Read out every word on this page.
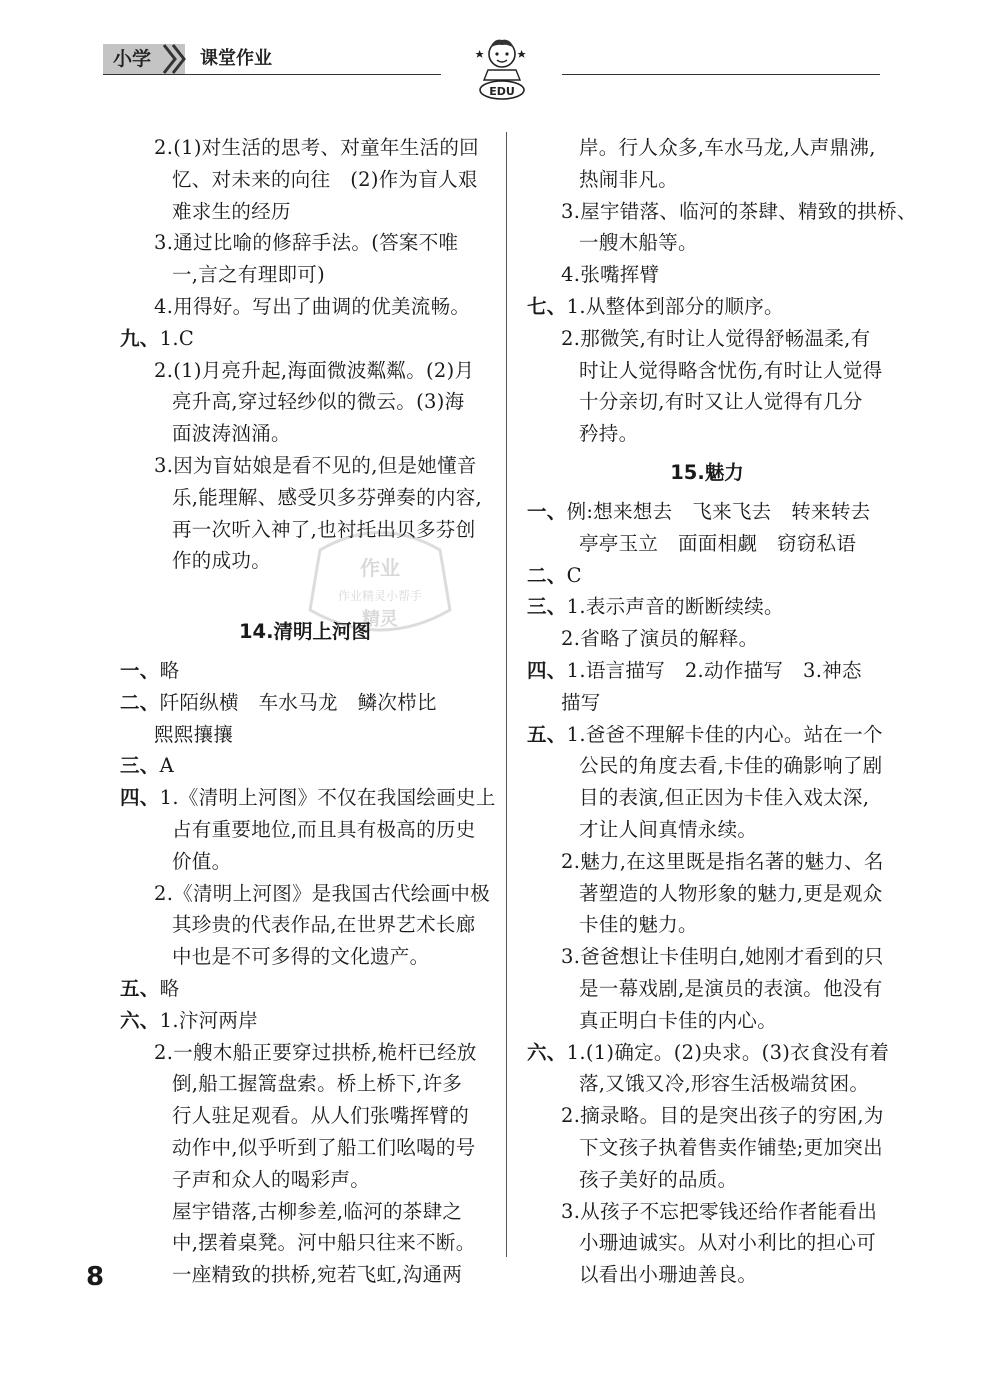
小学	课堂作业
EDU
作业
作业精灵小帮手
精灵
2.(1)对生活的思考、对童年生活的回
忆、对未来的向往　(2)作为盲人艰
难求生的经历
3.通过比喻的修辞手法。(答案不唯
一,言之有理即可)
4.用得好。写出了曲调的优美流畅。
九、1.C
2.(1)月亮升起,海面微波粼粼。(2)月
亮升高,穿过轻纱似的微云。(3)海
面波涛汹涌。
3.因为盲姑娘是看不见的,但是她懂音
乐,能理解、感受贝多芬弹奏的内容,
再一次听入神了,也衬托出贝多芬创
作的成功。
14.清明上河图
一、略
二、阡陌纵横　车水马龙　鳞次栉比
熙熙攘攘
三、A
四、1.《清明上河图》不仅在我国绘画史上
占有重要地位,而且具有极高的历史
价值。
2.《清明上河图》是我国古代绘画中极
其珍贵的代表作品,在世界艺术长廊
中也是不可多得的文化遗产。
五、略
六、1.汴河两岸
2.一艘木船正要穿过拱桥,桅杆已经放
倒,船工握篙盘索。桥上桥下,许多
行人驻足观看。从人们张嘴挥臂的
动作中,似乎听到了船工们吆喝的号
子声和众人的喝彩声。
屋宇错落,古柳参差,临河的茶肆之
中,摆着桌凳。河中船只往来不断。
一座精致的拱桥,宛若飞虹,沟通两
岸。行人众多,车水马龙,人声鼎沸,
热闹非凡。
3.屋宇错落、临河的茶肆、精致的拱桥、
一艘木船等。
4.张嘴挥臂
七、1.从整体到部分的顺序。
2.那微笑,有时让人觉得舒畅温柔,有
时让人觉得略含忧伤,有时让人觉得
十分亲切,有时又让人觉得有几分
矜持。
15.魅力
一、例:想来想去　飞来飞去　转来转去
亭亭玉立　面面相觑　窃窃私语
二、C
三、1.表示声音的断断续续。
2.省略了演员的解释。
四、1.语言描写　2.动作描写　3.神态
描写
五、1.爸爸不理解卡佳的内心。站在一个
公民的角度去看,卡佳的确影响了剧
目的表演,但正因为卡佳入戏太深,
才让人间真情永续。
2.魅力,在这里既是指名著的魅力、名
著塑造的人物形象的魅力,更是观众
卡佳的魅力。
3.爸爸想让卡佳明白,她刚才看到的只
是一幕戏剧,是演员的表演。他没有
真正明白卡佳的内心。
六、1.(1)确定。(2)央求。(3)衣食没有着
落,又饿又冷,形容生活极端贫困。
2.摘录略。目的是突出孩子的穷困,为
下文孩子执着售卖作铺垫;更加突出
孩子美好的品质。
3.从孩子不忘把零钱还给作者能看出
小珊迪诚实。从对小利比的担心可
以看出小珊迪善良。
8
